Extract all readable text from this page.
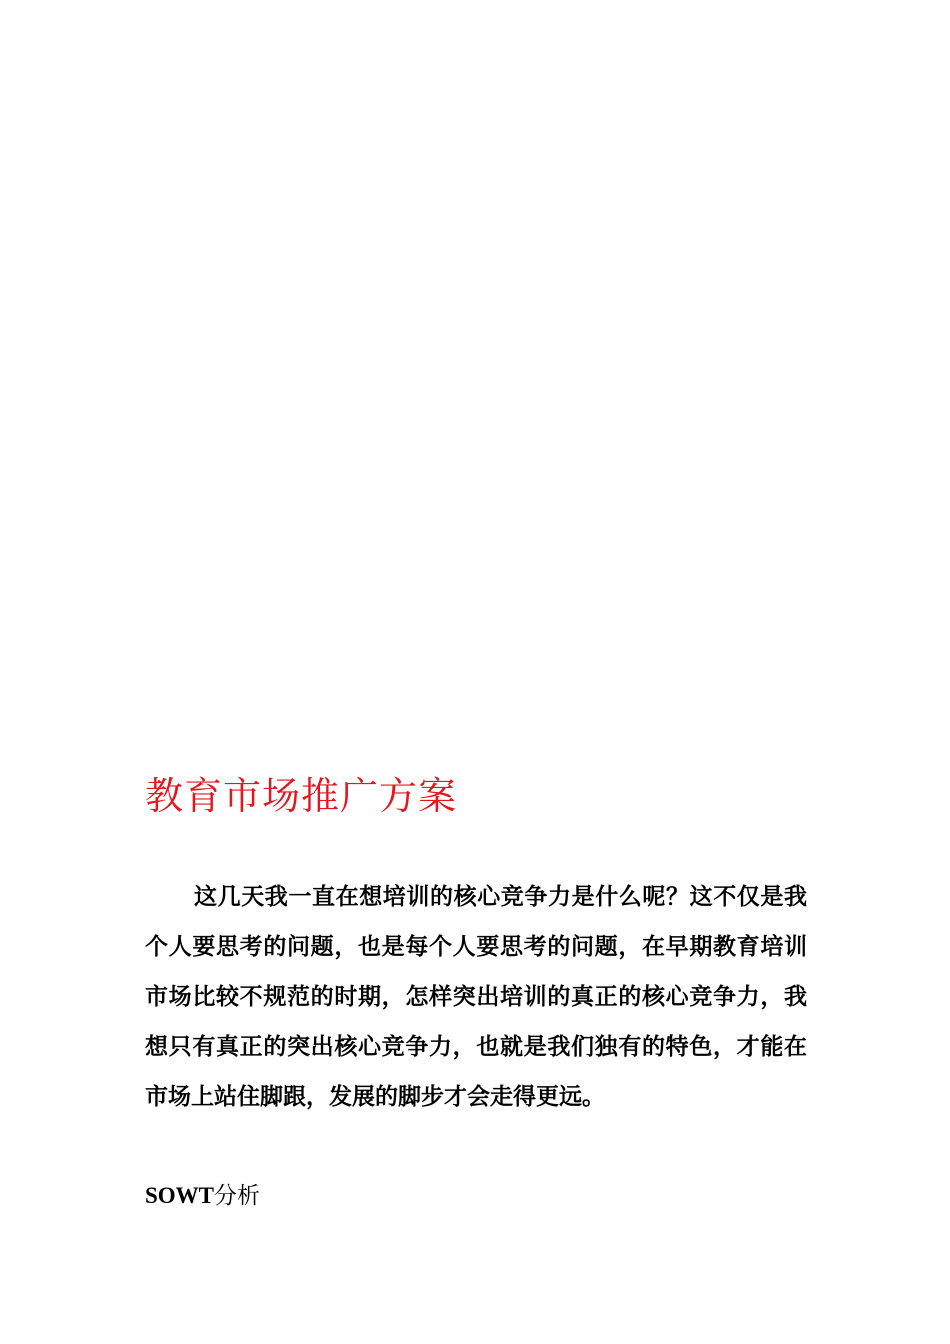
教育市场推广方案

这几天我一直在想培训的核心竞争力是什么呢？这不仅是我个人要思考的问题，也是每个人要思考的问题，在早期教育培训市场比较不规范的时期，怎样突出培训的真正的核心竞争力，我想只有真正的突出核心竞争力，也就是我们独有的特色，才能在市场上站住脚跟，发展的脚步才会走得更远。

SOWT分析
